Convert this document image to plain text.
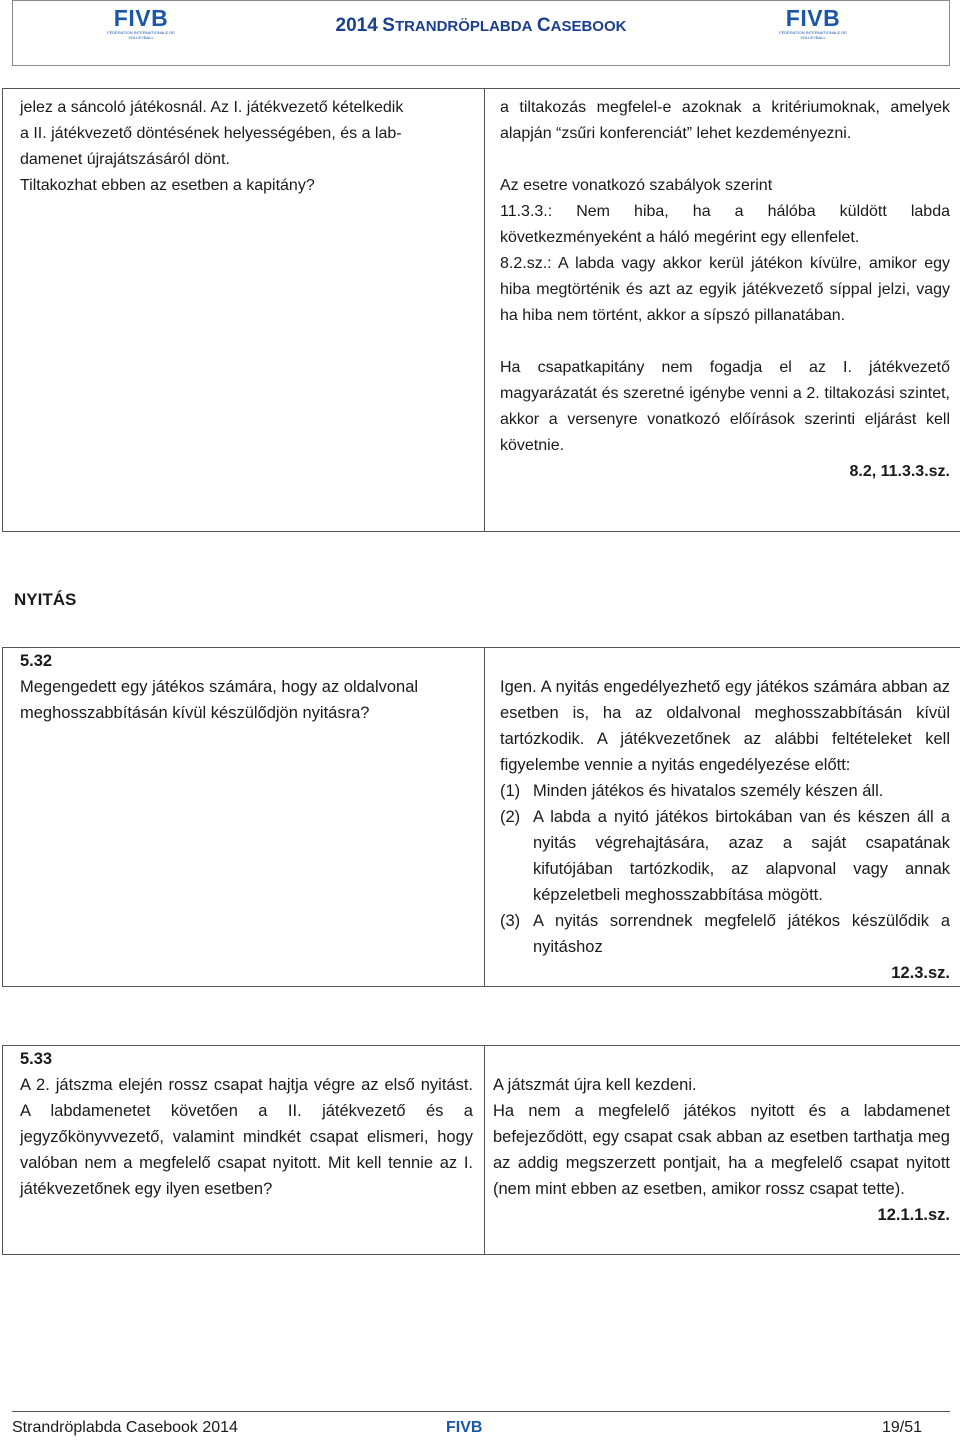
FIVB
FÉDÉRATION INTERNATIONALE DE VOLLEYBALL
2014 STRANDRÖPLABDA CASEBOOK	FIVB
FÉDÉRATION INTERNATIONALE DE VOLLEYBALL
jelez a sáncoló játékosnál. Az I. játékvezető kételkedik
a II. játékvezető döntésének helyességében, és a lab-
damenet újrajátszásáról dönt.
Tiltakozhat ebben az esetben a kapitány?

a tiltakozás megfelel-e azoknak a kritériumoknak, amelyek alapján “zsűri konferenciát” lehet kezdeményezni.
Az esetre vonatkozó szabályok szerint
11.3.3.: Nem hiba, ha a hálóba küldött labda következményeként a háló megérint egy ellenfelet.
8.2.sz.: A labda vagy akkor kerül játékon kívülre, amikor egy hiba megtörténik és azt az egyik játékvezető síppal jelzi, vagy ha hiba nem történt, akkor a sípszó pillanatában.
Ha csapatkapitány nem fogadja el az I. játékvezető magyarázatát és szeretné igénybe venni a 2. tiltakozási szintet, akkor a versenyre vonatkozó előírások szerinti eljárást kell követnie.
8.2, 11.3.3.sz.
NYITÁS
5.32
Megengedett egy játékos számára, hogy az oldalvonal meghosszabbításán kívül készülődjön nyitásra?

Igen. A nyitás engedélyezhető egy játékos számára abban az esetben is, ha az oldalvonal meghosszabbításán kívül tartózkodik. A játékvezetőnek az alábbi feltételeket kell figyelembe vennie a nyitás engedélyezése előtt:
(1) Minden játékos és hivatalos személy készen áll.
(2) A labda a nyitó játékos birtokában van és készen áll a nyitás végrehajtására, azaz a saját csapatának kifutójában tartózkodik, az alapvonal vagy annak képzeletbeli meghosszabbítása mögött.
(3) A nyitás sorrendnek megfelelő játékos készülődik a nyitáshoz
12.3.sz.
5.33
A 2. játszma elején rossz csapat hajtja végre az első nyitást. A labdamenetet követően a II. játékvezető és a jegyzőkönyvvezető, valamint mindkét csapat elismeri, hogy valóban nem a megfelelő csapat nyitott. Mit kell tennie az I. játékvezetőnek egy ilyen esetben?

A játszmát újra kell kezdeni.
Ha nem a megfelelő játékos nyitott és a labdamenet befejeződött, egy csapat csak abban az esetben tarthatja meg az addig megszerzett pontjait, ha a megfelelő csapat nyitott (nem mint ebben az esetben, amikor rossz csapat tette).
12.1.1.sz.
Strandröplabda Casebook 2014	FIVB	19/51
